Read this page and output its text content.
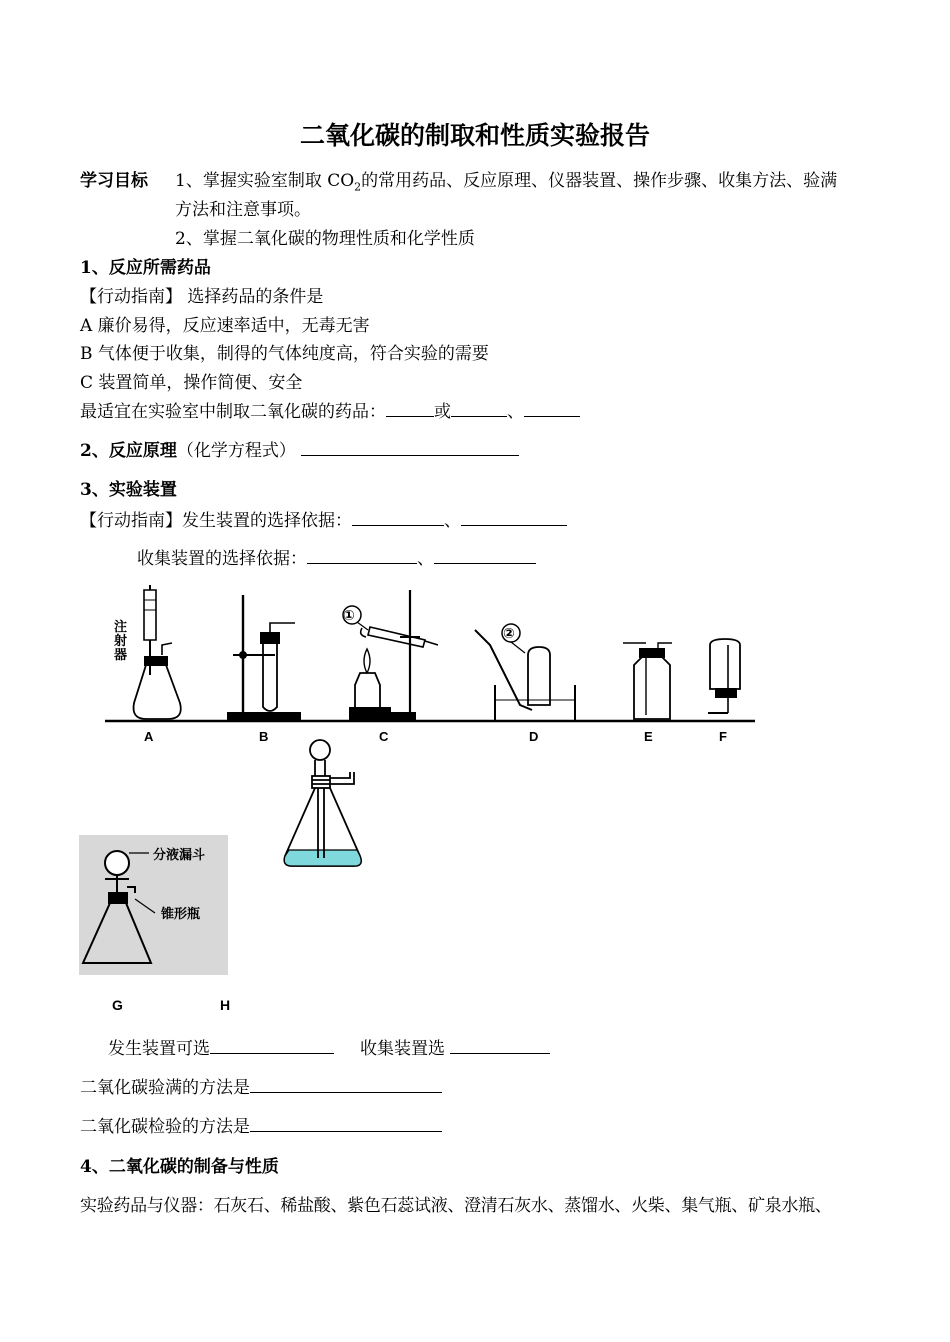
二氧化碳的制取和性质实验报告
学习目标 1、掌握实验室制取 $CO_2$的常用药品、反应原理、仪器装置、操作步骤、收集方法、验满
方法和注意事项。
2、掌握二氧化碳的物理性质和化学性质
1、反应所需药品
【行动指南】 选择药品的条件是
A 廉价易得，反应速率适中，无毒无害
B 气体便于收集，制得的气体纯度高，符合实验的需要
C 装置简单，操作简便、安全
最适宜在实验室中制取二氧化碳的药品：	或	、
2、反应原理（化学方程式）
3、实验装置
【行动指南】发生装置的选择依据：	、
收集装置的选择依据：	、
注
射
器
①
②
A	B	C	D	E	F
分液漏斗
锥形瓶
G	H
发生装置可选	收集装置选
二氧化碳验满的方法是
二氧化碳检验的方法是
4、二氧化碳的制备与性质
实验药品与仪器：石灰石、稀盐酸、紫色石蕊试液、澄清石灰水、蒸馏水、火柴、集气瓶、矿泉水瓶、
